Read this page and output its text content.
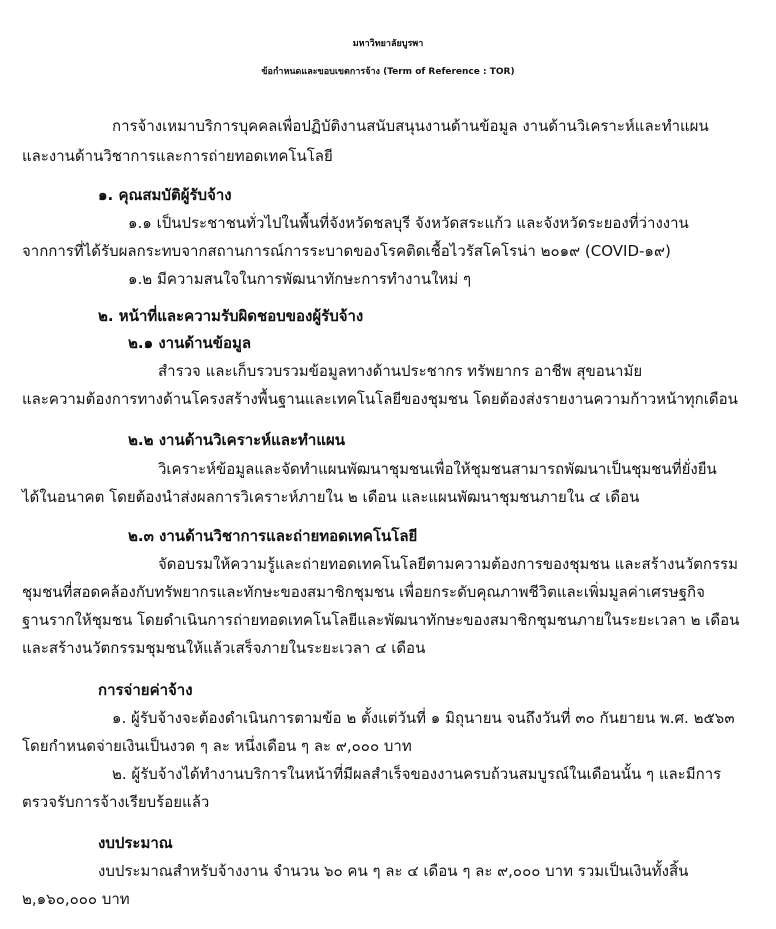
มหาวิทยาลัยบูรพา
ข้อกำหนดและขอบเขตการจ้าง (Term of Reference : TOR)
การจ้างเหมาบริการบุคคลเพื่อปฏิบัติงานสนับสนุนงานด้านข้อมูล งานด้านวิเคราะห์และทำแผน
และงานด้านวิชาการและการถ่ายทอดเทคโนโลยี
๑. คุณสมบัติผู้รับจ้าง
๑.๑ เป็นประชาชนทั่วไปในพื้นที่จังหวัดชลบุรี จังหวัดสระแก้ว และจังหวัดระยองที่ว่างงาน
จากการที่ได้รับผลกระทบจากสถานการณ์การระบาดของโรคติดเชื้อไวรัสโคโรน่า ๒๐๑๙ (COVID-๑๙)
๑.๒ มีความสนใจในการพัฒนาทักษะการทำงานใหม่ ๆ
๒. หน้าที่และความรับผิดชอบของผู้รับจ้าง
๒.๑ งานด้านข้อมูล
สำรวจ และเก็บรวบรวมข้อมูลทางด้านประชากร ทรัพยากร อาชีพ สุขอนามัย
และความต้องการทางด้านโครงสร้างพื้นฐานและเทคโนโลยีของชุมชน โดยต้องส่งรายงานความก้าวหน้าทุกเดือน
๒.๒ งานด้านวิเคราะห์และทำแผน
วิเคราะห์ข้อมูลและจัดทำแผนพัฒนาชุมชนเพื่อให้ชุมชนสามารถพัฒนาเป็นชุมชนที่ยั่งยืน
ได้ในอนาคต โดยต้องนำส่งผลการวิเคราะห์ภายใน ๒ เดือน และแผนพัฒนาชุมชนภายใน ๔ เดือน
๒.๓ งานด้านวิชาการและถ่ายทอดเทคโนโลยี
จัดอบรมให้ความรู้และถ่ายทอดเทคโนโลยีตามความต้องการของชุมชน และสร้างนวัตกรรม
ชุมชนที่สอดคล้องกับทรัพยากรและทักษะของสมาชิกชุมชน เพื่อยกระดับคุณภาพชีวิตและเพิ่มมูลค่าเศรษฐกิจ
ฐานรากให้ชุมชน โดยดำเนินการถ่ายทอดเทคโนโลยีและพัฒนาทักษะของสมาชิกชุมชนภายในระยะเวลา ๒ เดือน
และสร้างนวัตกรรมชุมชนให้แล้วเสร็จภายในระยะเวลา ๔ เดือน
การจ่ายค่าจ้าง
๑. ผู้รับจ้างจะต้องดำเนินการตามข้อ ๒ ตั้งแต่วันที่ ๑ มิถุนายน จนถึงวันที่ ๓๐ กันยายน พ.ศ. ๒๕๖๓
โดยกำหนดจ่ายเงินเป็นงวด ๆ ละ หนึ่งเดือน ๆ ละ ๙,๐๐๐ บาท
๒. ผู้รับจ้างได้ทำงานบริการในหน้าที่มีผลสำเร็จของงานครบถ้วนสมบูรณ์ในเดือนนั้น ๆ และมีการ
ตรวจรับการจ้างเรียบร้อยแล้ว
งบประมาณ
งบประมาณสำหรับจ้างงาน จำนวน ๖๐ คน ๆ ละ ๔ เดือน ๆ ละ ๙,๐๐๐ บาท รวมเป็นเงินทั้งสิ้น
๒,๑๖๐,๐๐๐ บาท
